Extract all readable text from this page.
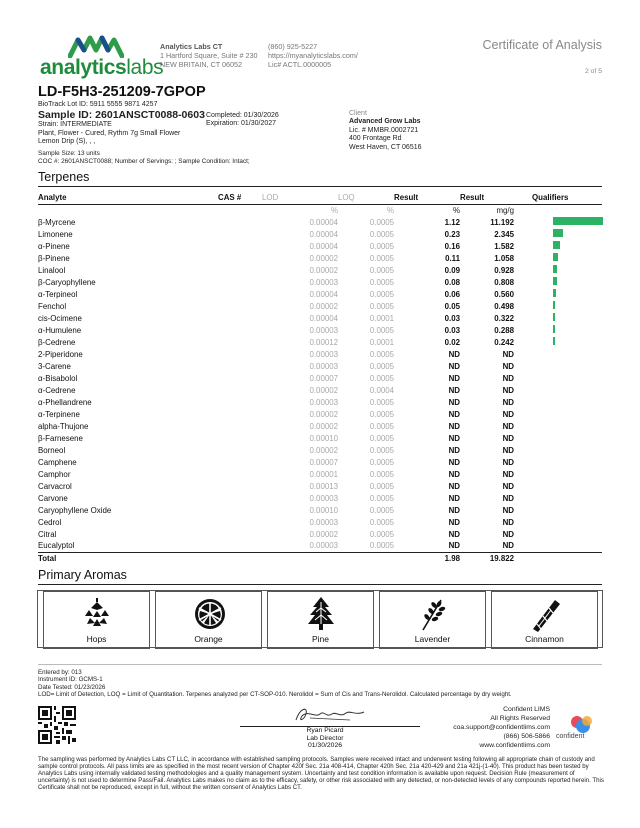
analyticslabs
Analytics Labs CT
1 Hartford Square, Suite # 230
NEW BRITAIN, CT 06052
(860) 925-5227
https://myanalyticslabs.com/
Lic# ACTL.0000005
Certificate of Analysis
2 of 5
LD-F5H3-251209-7GPOP
BioTrack Lot ID: 5911 5555 9871 4257
Sample ID: 2601ANSCT0088-0603
Strain: INTERMEDIATE
Plant, Flower - Cured, Rythm 7g Small Flower
Lemon Drip (S), , ,
Completed: 01/30/2026
Expiration: 01/30/2027
Client
Advanced Grow Labs
Lic. # MMBR.0002721
400 Frontage Rd
West Haven, CT 06516
Sample Size: 13 units
COC #: 2601ANSCT0088; Number of Servings: ; Sample Condition: Intact;
Terpenes
Analyte	CAS #	LOD	LOQ	Result	Result	Qualifiers
		%	%	%	mg/g	
β-Myrcene		0.00004	0.0005	1.12	11.192	
Limonene		0.00004	0.0005	0.23	2.345	
α-Pinene		0.00004	0.0005	0.16	1.582	
β-Pinene		0.00002	0.0005	0.11	1.058	
Linalool		0.00002	0.0005	0.09	0.928	
β-Caryophyllene		0.00003	0.0005	0.08	0.808	
α-Terpineol		0.00004	0.0005	0.06	0.560	
Fenchol		0.00002	0.0005	0.05	0.498	
cis-Ocimene		0.00004	0.0001	0.03	0.322	
α-Humulene		0.00003	0.0005	0.03	0.288	
β-Cedrene		0.00012	0.0001	0.02	0.242	
2-Piperidone		0.00003	0.0005	ND	ND	
3-Carene		0.00003	0.0005	ND	ND	
α-Bisabolol		0.00007	0.0005	ND	ND	
α-Cedrene		0.00002	0.0004	ND	ND	
α-Phellandrene		0.00003	0.0005	ND	ND	
α-Terpinene		0.00002	0.0005	ND	ND	
alpha-Thujone		0.00002	0.0005	ND	ND	
β-Farnesene		0.00010	0.0005	ND	ND	
Borneol		0.00002	0.0005	ND	ND	
Camphene		0.00007	0.0005	ND	ND	
Camphor		0.00001	0.0005	ND	ND	
Carvacrol		0.00013	0.0005	ND	ND	
Carvone		0.00003	0.0005	ND	ND	
Caryophyllene Oxide		0.00010	0.0005	ND	ND	
Cedrol		0.00003	0.0005	ND	ND	
Citral		0.00002	0.0005	ND	ND	
Eucalyptol		0.00003	0.0005	ND	ND	
Total				1.98	19.822	
Primary Aromas
Hops	Orange	Pine	Lavender	Cinnamon
Entered by: 013
Instrument ID: GCMS-1
Date Tested: 01/23/2026
LOD= Limit of Detection, LOQ = Limit of Quantitation. Terpenes analyzed per CT-SOP-010. Nerolidol = Sum of Cis and Trans-Nerolidol. Calculated percentage by dry weight.
Ryan Picard
Lab Director
01/30/2026
Confident LIMS
All Rights Reserved
coa.support@confidentlims.com
(866) 506-5866
www.confidentlims.com
confident
The sampling was performed by Analytics Labs CT LLC, in accordance with established sampling protocols. Samples were received intact and underwent testing following all appropriate chain of custody and sample control protocols. All pass limits are as specified in the most recent version of Chapter 420f Sec. 21a 408-414, Chapter 420h Sec. 21a 420-429 and 21a 421j-(1-40). This product has been tested by Analytics Labs using internally validated testing methodologies and a quality management system. Uncertainty and test condition information is available upon request. Decision Rule (measurement of uncertainty) is not used to determine Pass/Fail. Analytics Labs makes no claim as to the efficacy, safety, or other risk associated with any detected, or non-detected levels of any compounds reported herein. This Certificate shall not be reproduced, except in full, without the written consent of Analytics Labs CT.
